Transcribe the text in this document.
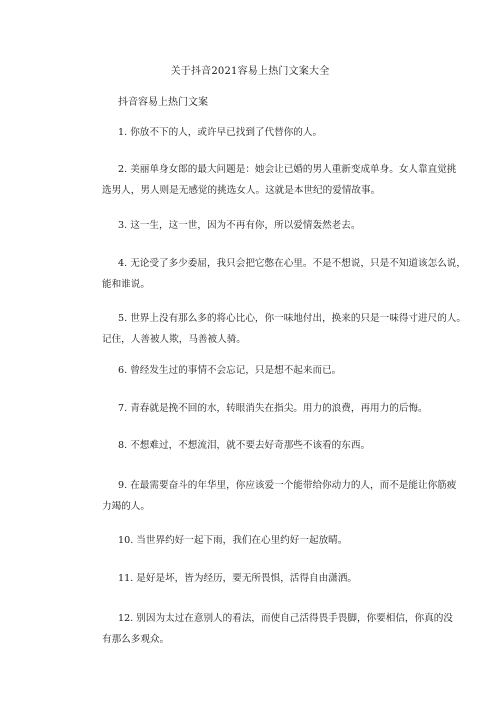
关于抖音2021容易上热门文案大全
抖音容易上热门文案
1. 你放不下的人，或许早已找到了代替你的人。
2. 美丽单身女郎的最大问题是：她会让已婚的男人重新变成单身。女人靠直觉挑
选男人，男人则是无感觉的挑选女人。这就是本世纪的爱情故事。
3. 这一生，这一世，因为不再有你，所以爱情轰然老去。
4. 无论受了多少委屈，我只会把它憋在心里。不是不想说，只是不知道该怎么说，
能和谁说。
5. 世界上没有那么多的将心比心，你一味地付出，换来的只是一味得寸进尺的人。
记住，人善被人欺，马善被人骑。
6. 曾经发生过的事情不会忘记，只是想不起来而已。
7. 青春就是挽不回的水，转眼消失在指尖。用力的浪费，再用力的后悔。
8. 不想难过，不想流泪，就不要去好奇那些不该看的东西。
9. 在最需要奋斗的年华里，你应该爱一个能带给你动力的人，而不是能让你筋疲
力竭的人。
10. 当世界约好一起下雨，我们在心里约好一起放晴。
11. 是好是坏，皆为经历，要无所畏惧，活得自由潇洒。
12. 别因为太过在意别人的看法，而使自己活得畏手畏脚，你要相信，你真的没
有那么多观众。
